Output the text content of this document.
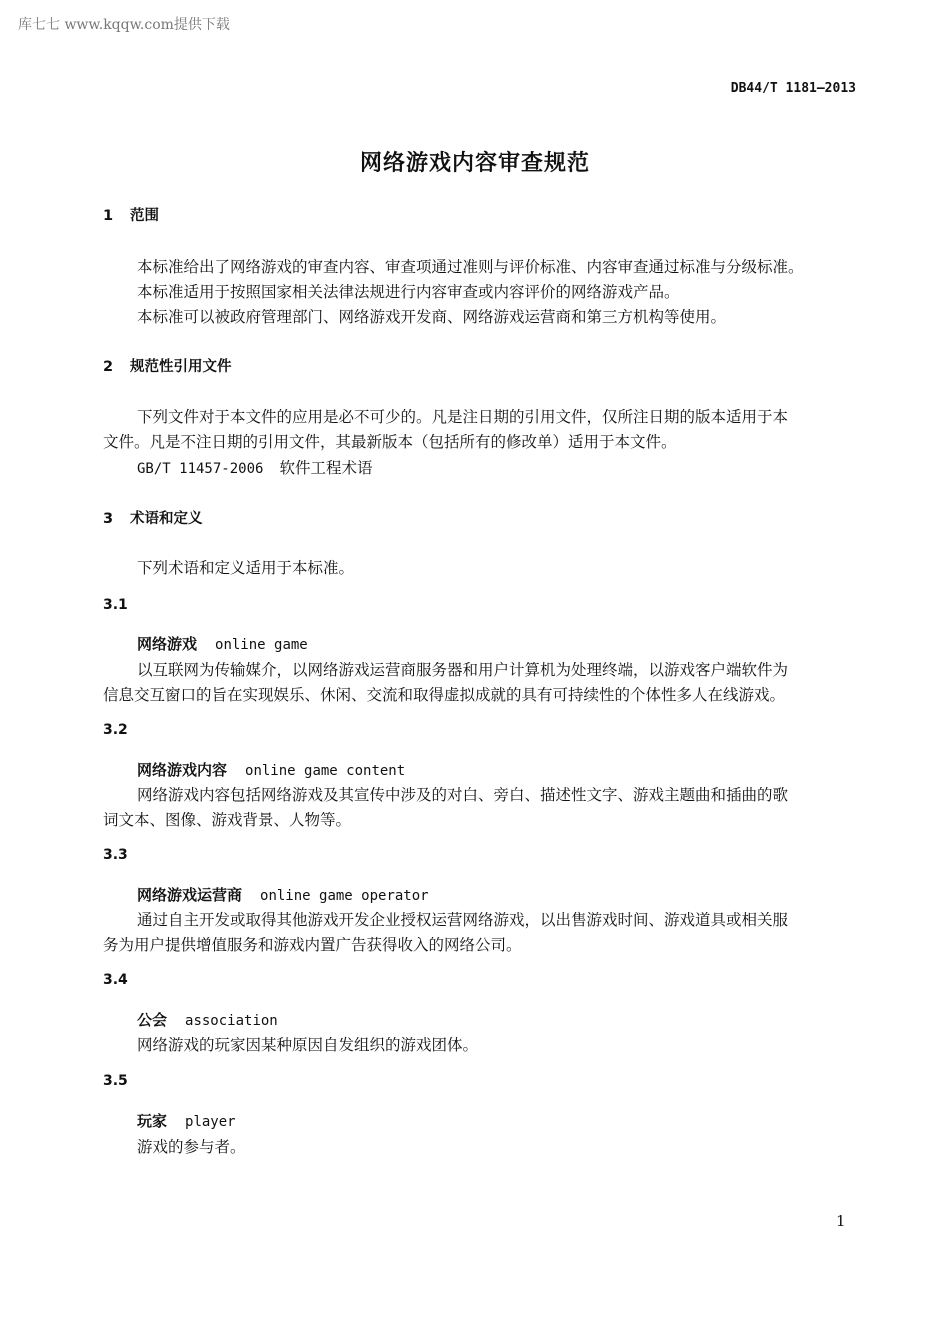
库七七 www.kqqw.com提供下载
DB44/T 1181—2013
网络游戏内容审查规范
1 范围
本标准给出了网络游戏的审查内容、审查项通过准则与评价标准、内容审查通过标准与分级标准。
本标准适用于按照国家相关法律法规进行内容审查或内容评价的网络游戏产品。
本标准可以被政府管理部门、网络游戏开发商、网络游戏运营商和第三方机构等使用。
2 规范性引用文件
下列文件对于本文件的应用是必不可少的。凡是注日期的引用文件，仅所注日期的版本适用于本
文件。凡是不注日期的引用文件，其最新版本（包括所有的修改单）适用于本文件。
GB/T 11457-2006 软件工程术语
3 术语和定义
下列术语和定义适用于本标准。
3.1
网络游戏 online game
以互联网为传输媒介，以网络游戏运营商服务器和用户计算机为处理终端，以游戏客户端软件为
信息交互窗口的旨在实现娱乐、休闲、交流和取得虚拟成就的具有可持续性的个体性多人在线游戏。
3.2
网络游戏内容 online game content
网络游戏内容包括网络游戏及其宣传中涉及的对白、旁白、描述性文字、游戏主题曲和插曲的歌
词文本、图像、游戏背景、人物等。
3.3
网络游戏运营商 online game operator
通过自主开发或取得其他游戏开发企业授权运营网络游戏，以出售游戏时间、游戏道具或相关服
务为用户提供增值服务和游戏内置广告获得收入的网络公司。
3.4
公会 association
网络游戏的玩家因某种原因自发组织的游戏团体。
3.5
玩家 player
游戏的参与者。
1
